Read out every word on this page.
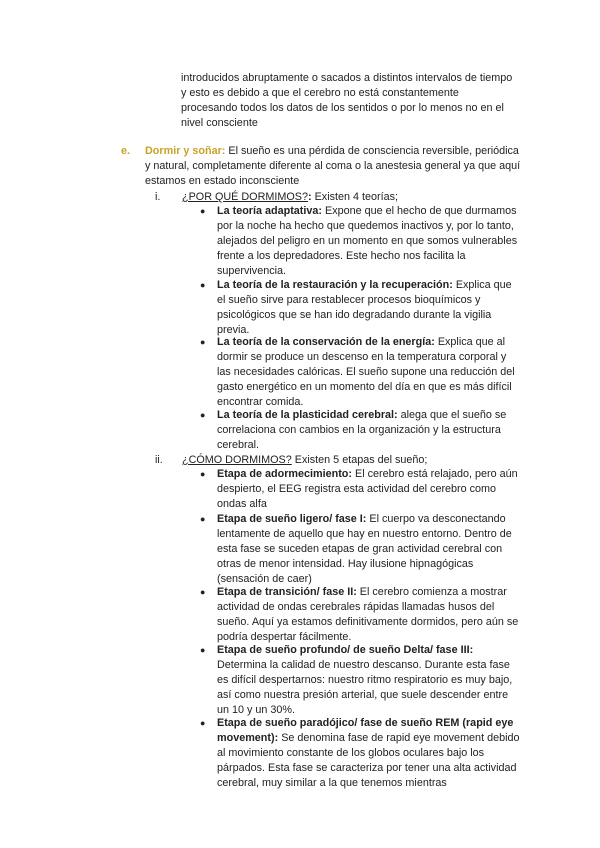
introducidos abruptamente o sacados a distintos intervalos de tiempo
y esto es debido a que el cerebro no está constantemente
procesando todos los datos de los sentidos o por lo menos no en el
nivel consciente
e.	Dormir y soñar: El sueño es una pérdida de consciencia reversible, periódica y natural, completamente diferente al coma o la anestesia general ya que aquí estamos en estado inconsciente
i.	¿POR QUÉ DORMIMOS?: Existen 4 teorías;
●	La teoría adaptativa: Expone que el hecho de que durmamos por la noche ha hecho que quedemos inactivos y, por lo tanto, alejados del peligro en un momento en que somos vulnerables frente a los depredadores. Este hecho nos facilita la supervivencia.
●	La teoría de la restauración y la recuperación: Explica que el sueño sirve para restablecer procesos bioquímicos y psicológicos que se han ido degradando durante la vigilia previa.
●	La teoría de la conservación de la energía: Explica que al dormir se produce un descenso en la temperatura corporal y las necesidades calóricas. El sueño supone una reducción del gasto energético en un momento del día en que es más difícil encontrar comida.
●	La teoría de la plasticidad cerebral: alega que el sueño se correlaciona con cambios en la organización y la estructura cerebral.
ii.	¿CÓMO DORMIMOS? Existen 5 etapas del sueño;
●	Etapa de adormecimiento: El cerebro está relajado, pero aún despierto, el EEG registra esta actividad del cerebro como ondas alfa
●	Etapa de sueño ligero/ fase I: El cuerpo va desconectando lentamente de aquello que hay en nuestro entorno. Dentro de esta fase se suceden etapas de gran actividad cerebral con otras de menor intensidad. Hay ilusione hipnagógicas (sensación de caer)
●	Etapa de transición/ fase II: El cerebro comienza a mostrar actividad de ondas cerebrales rápidas llamadas husos del sueño. Aquí ya estamos definitivamente dormidos, pero aún se podría despertar fácilmente.
●	Etapa de sueño profundo/ de sueño Delta/ fase III: Determina la calidad de nuestro descanso. Durante esta fase es difícil despertarnos: nuestro ritmo respiratorio es muy bajo, así como nuestra presión arterial, que suele descender entre un 10 y un 30%.
●	Etapa de sueño paradójico/ fase de sueño REM (rapid eye movement): Se denomina fase de rapid eye movement debido al movimiento constante de los globos oculares bajo los párpados. Esta fase se caracteriza por tener una alta actividad cerebral, muy similar a la que tenemos mientras
